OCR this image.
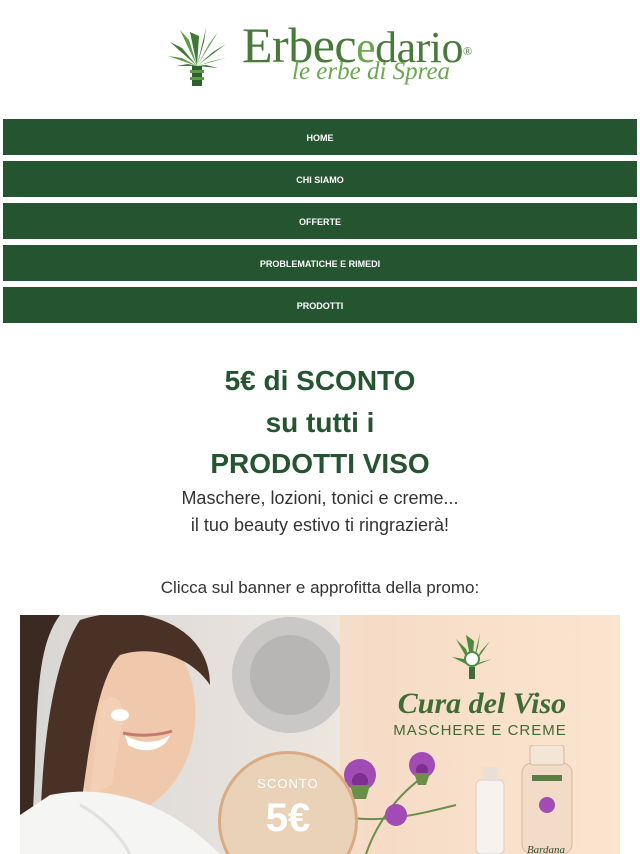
Erbecedario®
le erbe di Sprea
HOME
CHI SIAMO
OFFERTE
PROBLEMATICHE E RIMEDI
PRODOTTI
5€ di SCONTO
su tutti i
PRODOTTI VISO
Maschere, lozioni, tonici e creme...
il tuo beauty estivo ti ringrazierà!
Clicca sul banner e approfitta della promo:
Cura del Viso
MASCHERE E CREME
SCONTO
5€
Bardana
